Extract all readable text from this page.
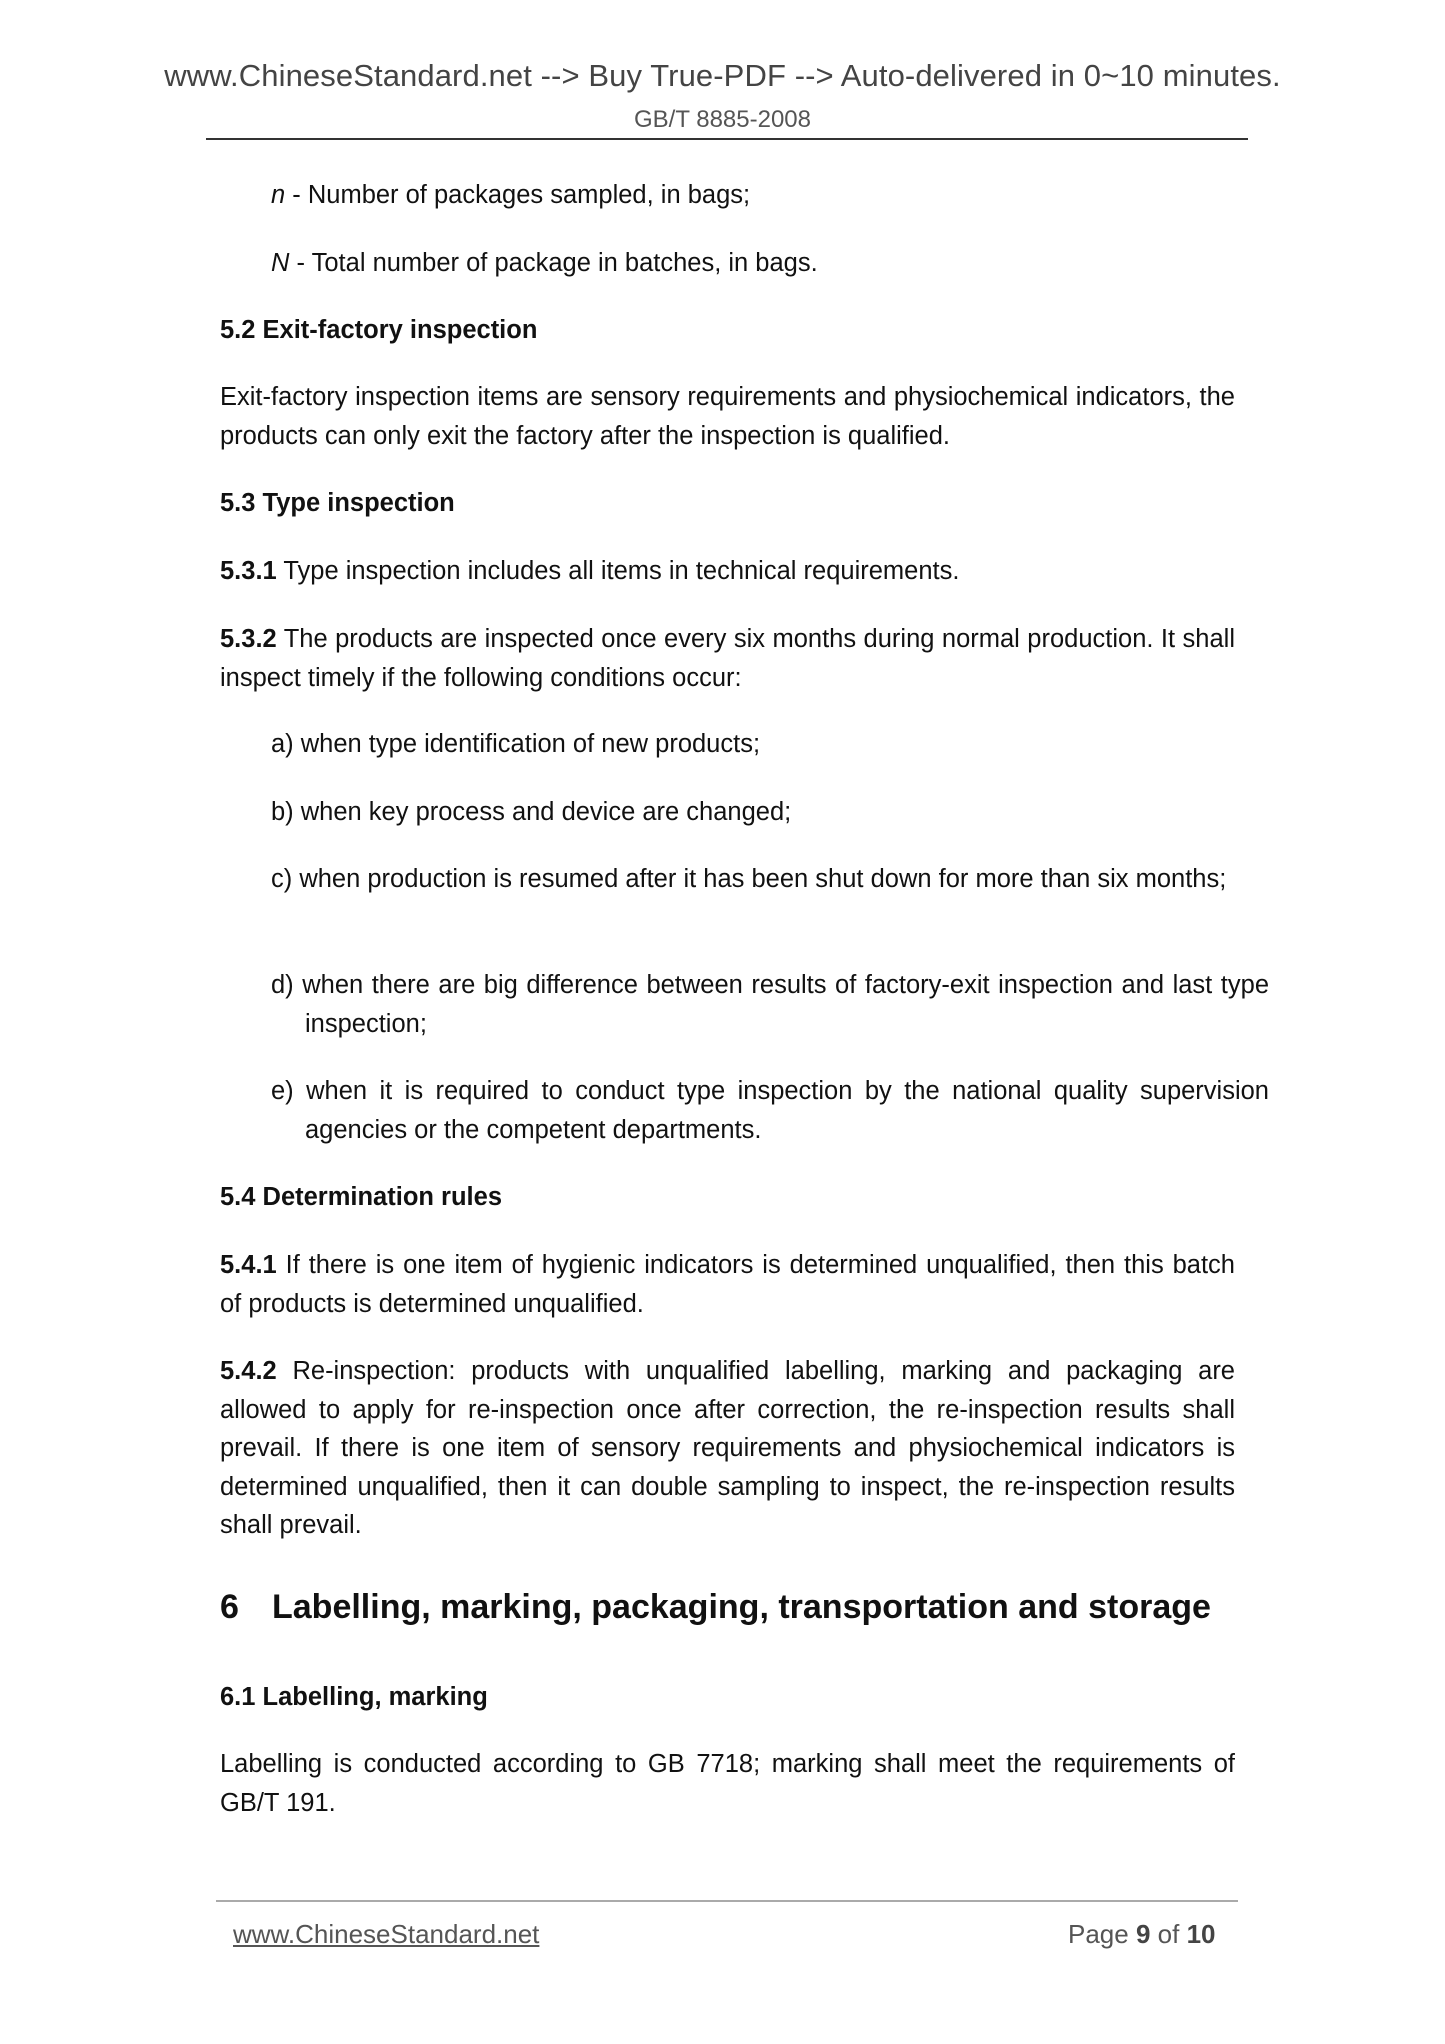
www.ChineseStandard.net --> Buy True-PDF --> Auto-delivered in 0~10 minutes.
GB/T 8885-2008
n - Number of packages sampled, in bags;
N - Total number of package in batches, in bags.
5.2 Exit-factory inspection
Exit-factory inspection items are sensory requirements and physiochemical indicators, the products can only exit the factory after the inspection is qualified.
5.3 Type inspection
5.3.1 Type inspection includes all items in technical requirements.
5.3.2 The products are inspected once every six months during normal production. It shall inspect timely if the following conditions occur:
a) when type identification of new products;
b) when key process and device are changed;
c) when production is resumed after it has been shut down for more than six months;
d) when there are big difference between results of factory-exit inspection and last type inspection;
e) when it is required to conduct type inspection by the national quality supervision agencies or the competent departments.
5.4 Determination rules
5.4.1 If there is one item of hygienic indicators is determined unqualified, then this batch of products is determined unqualified.
5.4.2 Re-inspection: products with unqualified labelling, marking and packaging are allowed to apply for re-inspection once after correction, the re-inspection results shall prevail. If there is one item of sensory requirements and physiochemical indicators is determined unqualified, then it can double sampling to inspect, the re-inspection results shall prevail.
6 Labelling, marking, packaging, transportation and storage
6.1 Labelling, marking
Labelling is conducted according to GB 7718; marking shall meet the requirements of GB/T 191.
www.ChineseStandard.net	Page 9 of 10
